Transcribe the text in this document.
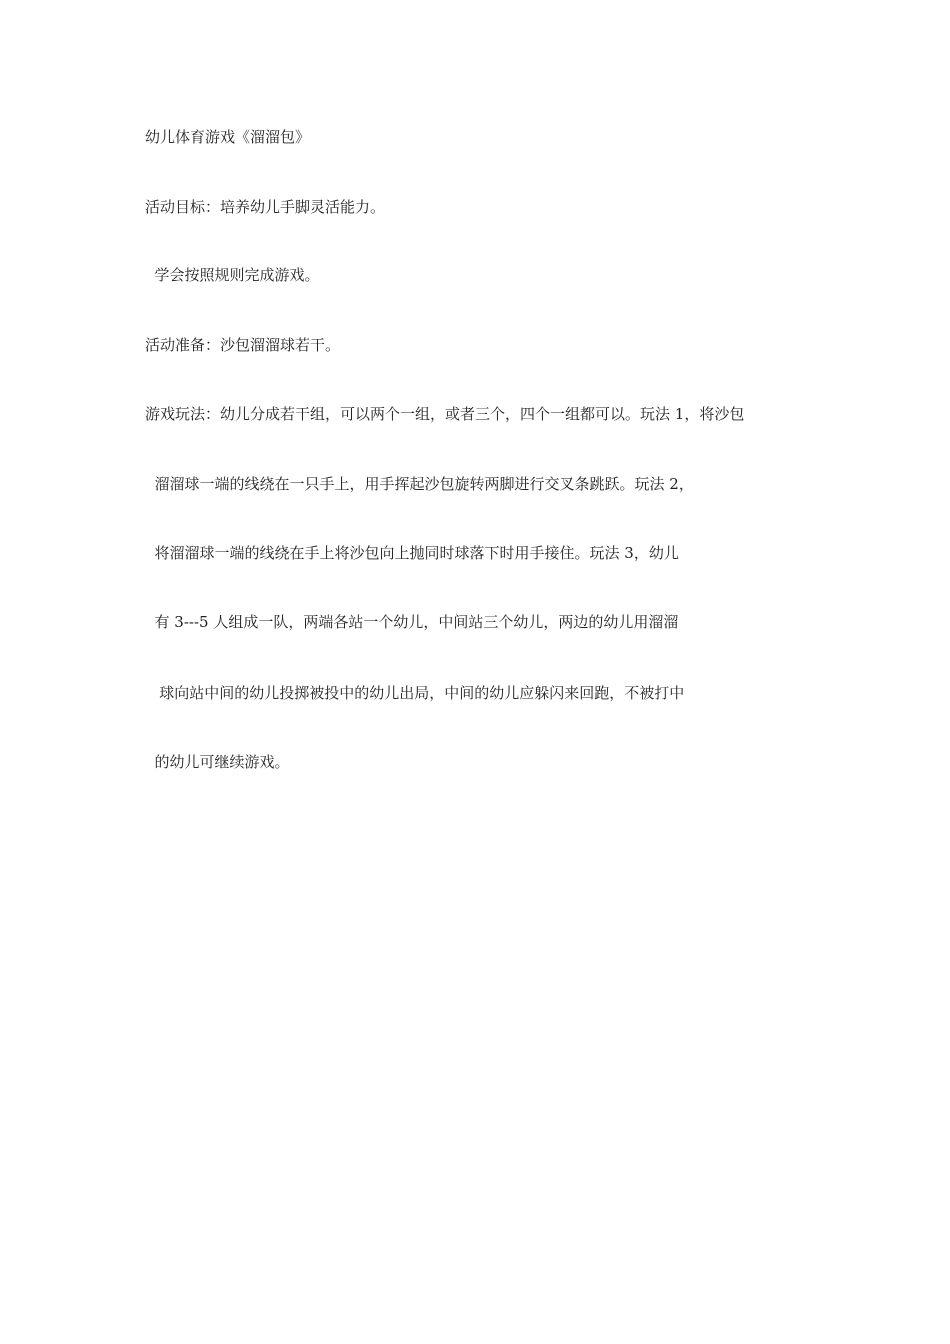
幼儿体育游戏《溜溜包》
活动目标：培养幼儿手脚灵活能力。
学会按照规则完成游戏。
活动准备：沙包溜溜球若干。
游戏玩法：幼儿分成若干组，可以两个一组，或者三个，四个一组都可以。玩法 1，将沙包
溜溜球一端的线绕在一只手上，用手挥起沙包旋转两脚进行交叉条跳跃。玩法 2，
将溜溜球一端的线绕在手上将沙包向上抛同时球落下时用手接住。玩法 3，幼儿
有 3---5 人组成一队，两端各站一个幼儿，中间站三个幼儿，两边的幼儿用溜溜
球向站中间的幼儿投掷被投中的幼儿出局，中间的幼儿应躲闪来回跑，不被打中
的幼儿可继续游戏。
